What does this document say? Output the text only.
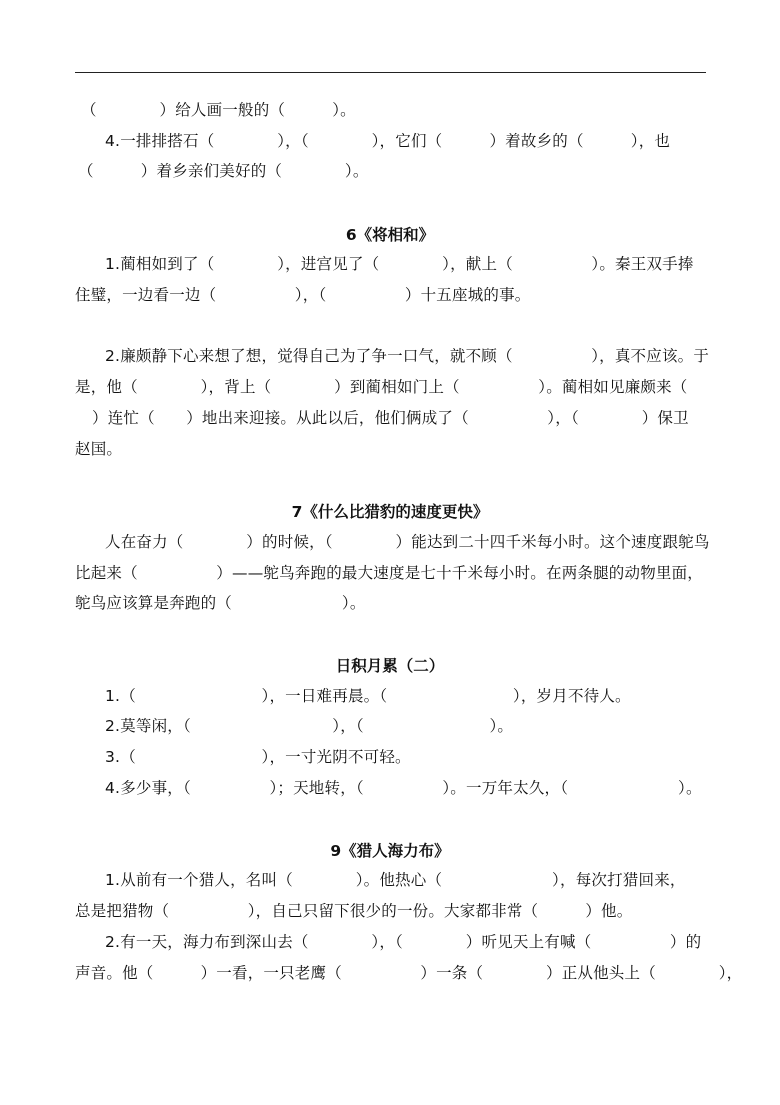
（　　　　）给人画一般的（　　　）。
4.一排排搭石（　　　　），（　　　　），它们（　　　）着故乡的（　　　），也
（　　　）着乡亲们美好的（　　　　）。
6《将相和》
1.蔺相如到了（　　　　），进宫见了（　　　　），献上（　　　　　）。秦王双手捧
住璧，一边看一边（　　　　　），（　　　　　）十五座城的事。
2.廉颇静下心来想了想，觉得自己为了争一口气，就不顾（　　　　　），真不应该。于
是，他（　　　　），背上（　　　　）到蔺相如门上（　　　　　）。蔺相如见廉颇来（
）连忙（　　）地出来迎接。从此以后，他们俩成了（　　　　　），（　　　　）保卫
赵国。
7《什么比猎豹的速度更快》
人在奋力（　　　　）的时候，（　　　　）能达到二十四千米每小时。这个速度跟鸵鸟
比起来（　　　　　）——鸵鸟奔跑的最大速度是七十千米每小时。在两条腿的动物里面，
鸵鸟应该算是奔跑的（　　　　　　　）。
日积月累（二）
1.（　　　　　　　　），一日难再晨。（　　　　　　　　），岁月不待人。
2.莫等闲，（　　　　　　　　　），（　　　　　　　　）。
3.（　　　　　　　　），一寸光阴不可轻。
4.多少事，（　　　　　）；天地转，（　　　　　）。一万年太久，（　　　　　　　）。
9《猎人海力布》
1.从前有一个猎人，名叫（　　　　）。他热心（　　　　　　　），每次打猎回来，
总是把猎物（　　　　　），自己只留下很少的一份。大家都非常（　　　）他。
2.有一天，海力布到深山去（　　　　），（　　　　）听见天上有喊（　　　　　）的
声音。他（　　　）一看，一只老鹰（　　　　　）一条（　　　　）正从他头上（　　　　），
